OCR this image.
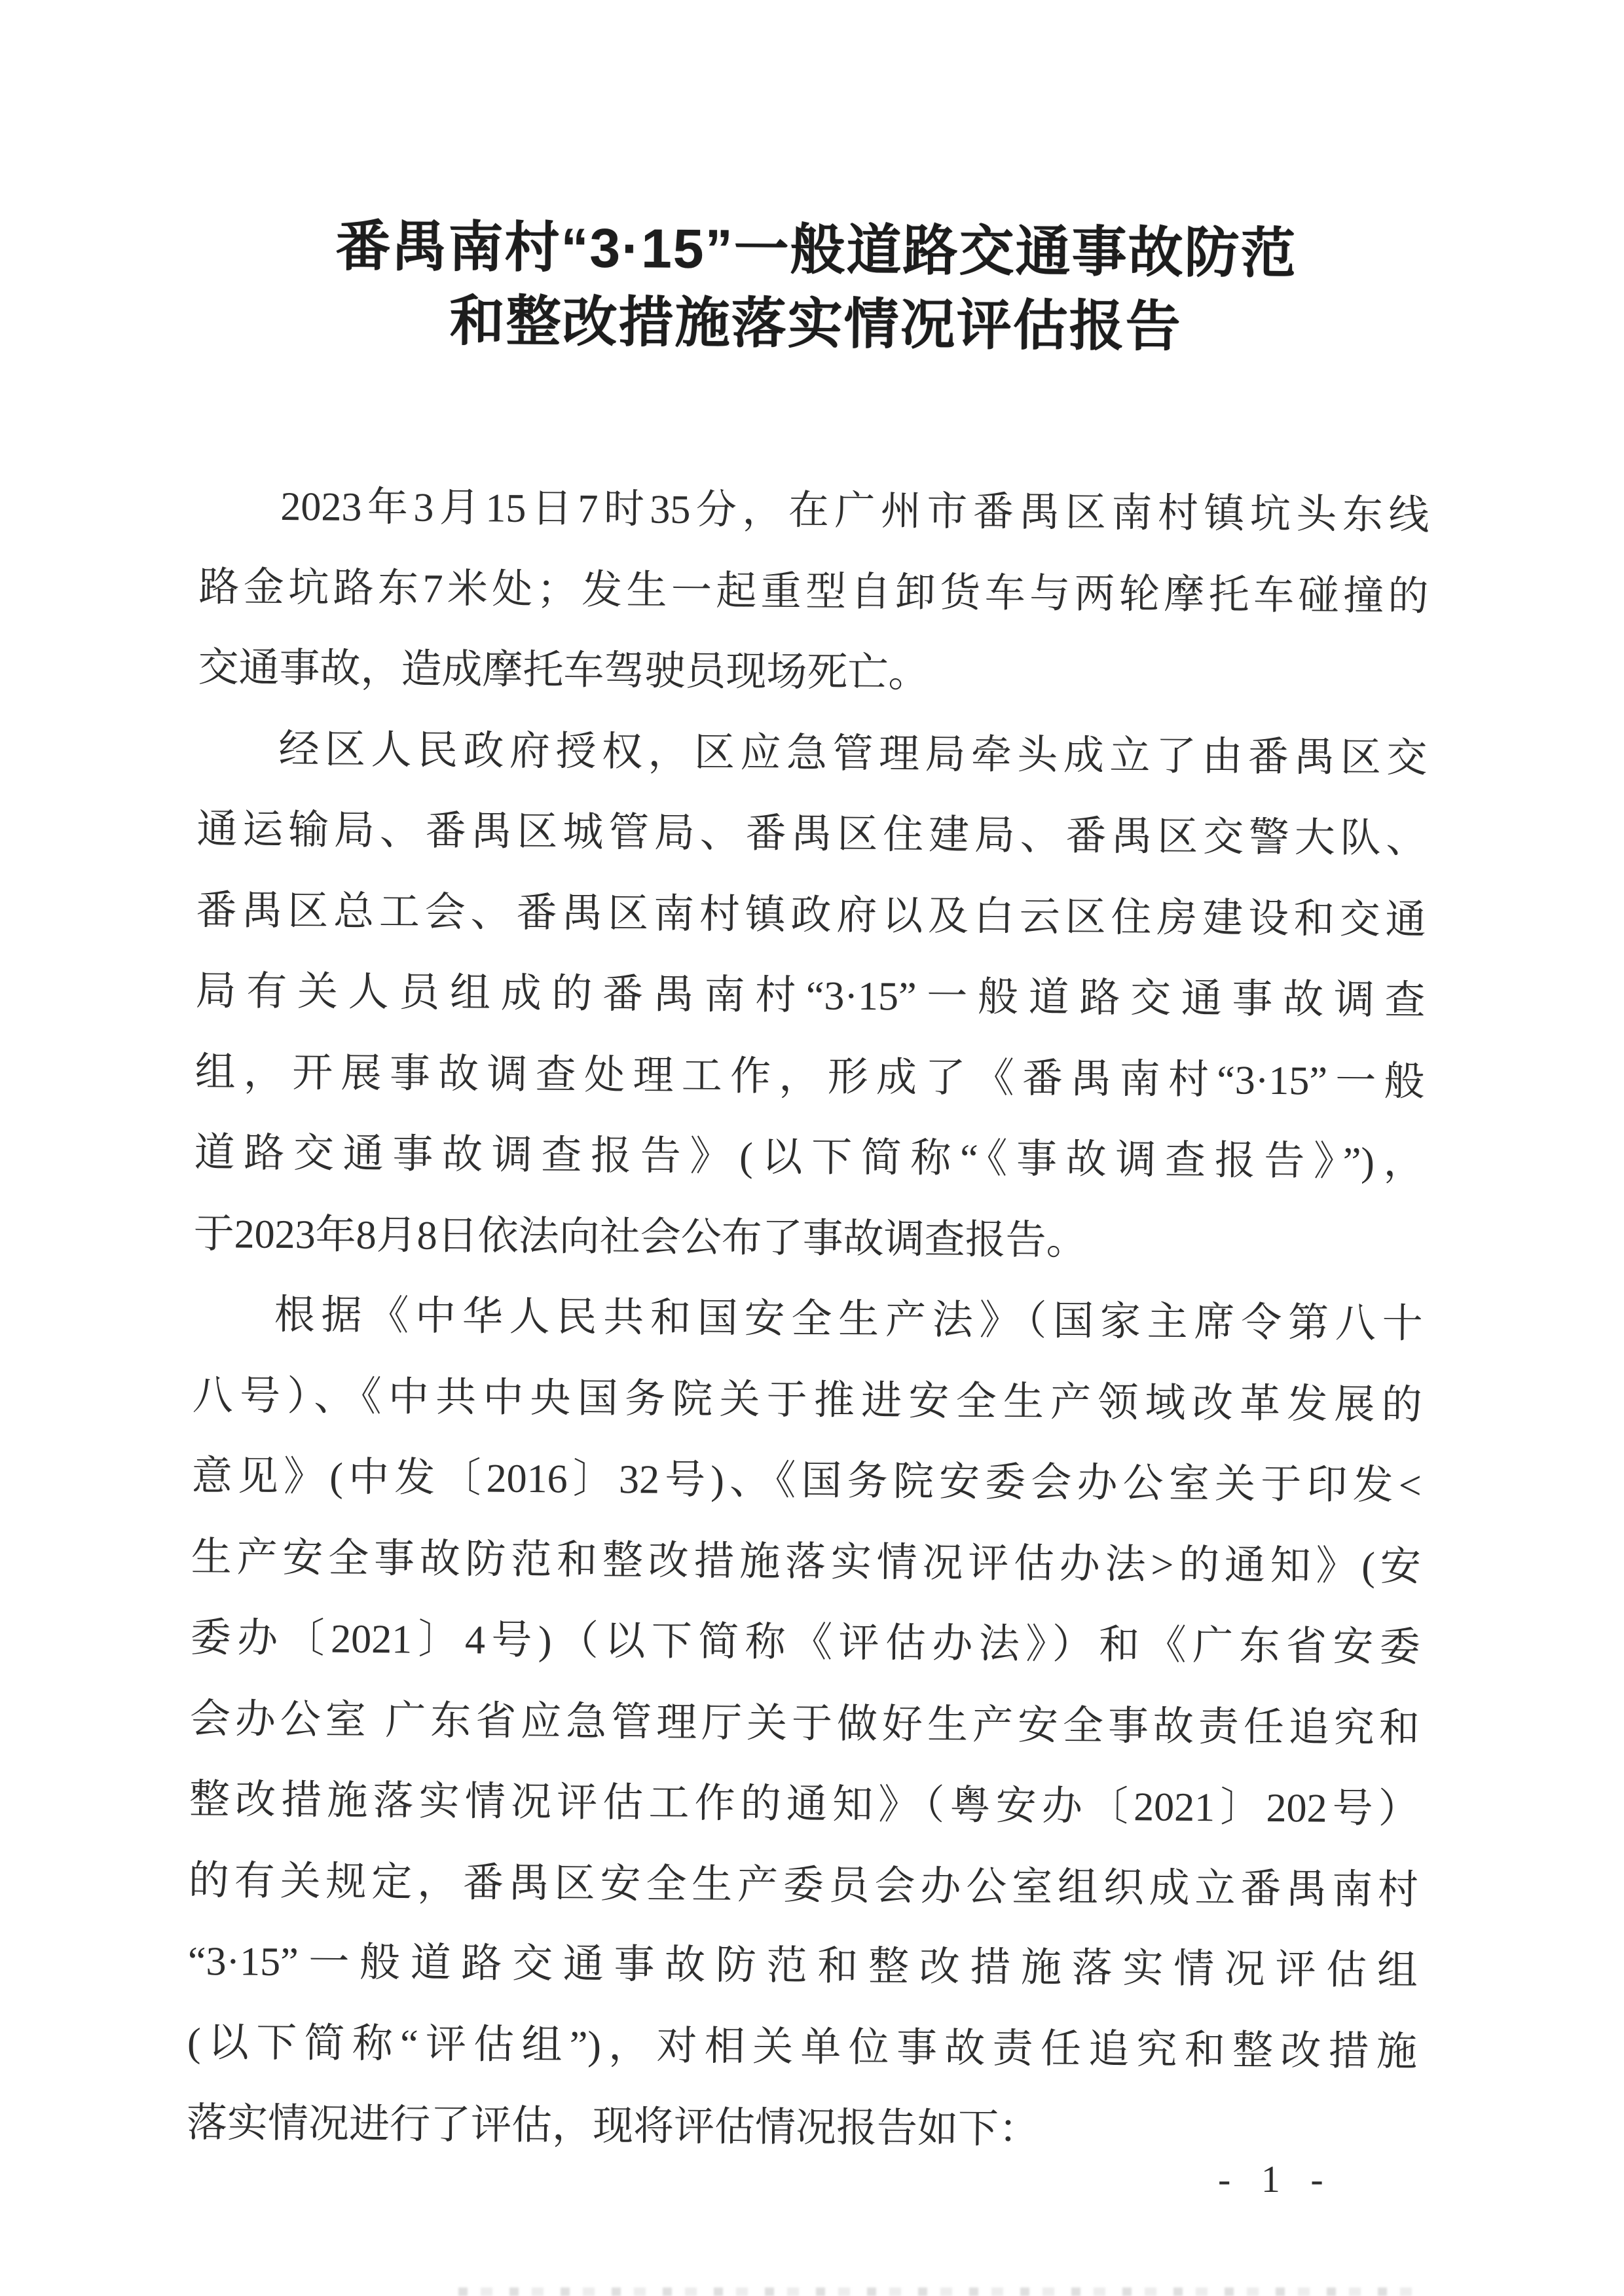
番禺南村“3·15”一般道路交通事故防范
和整改措施落实情况评估报告
2023年3月15日7时35分，在广州市番禺区南村镇坑头东线
路金坑路东7米处；发生一起重型自卸货车与两轮摩托车碰撞的
交通事故，造成摩托车驾驶员现场死亡。
经区人民政府授权，区应急管理局牵头成立了由番禺区交
通运输局、番禺区城管局、番禺区住建局、番禺区交警大队、
番禺区总工会、番禺区南村镇政府以及白云区住房建设和交通
局有关人员组成的番禺南村“3·15”一般道路交通事故调查
组，开展事故调查处理工作，形成了《番禺南村“3·15”一般
道路交通事故调查报告》(以下简称“《事故调查报告》”)，
于2023年8月8日依法向社会公布了事故调查报告。
根据《中华人民共和国安全生产法》（国家主席令第八十
八号）、《中共中央国务院关于推进安全生产领域改革发展的
意见》(中发〔2016〕32号)、《国务院安委会办公室关于印发<
生产安全事故防范和整改措施落实情况评估办法>的通知》(安
委办〔2021〕4号)（以下简称《评估办法》）和《广东省安委
会办公室 广东省应急管理厅关于做好生产安全事故责任追究和
整改措施落实情况评估工作的通知》（粤安办〔2021〕202号）
的有关规定，番禺区安全生产委员会办公室组织成立番禺南村
“3·15”一般道路交通事故防范和整改措施落实情况评估组
(以下简称“评估组”)，对相关单位事故责任追究和整改措施
落实情况进行了评估，现将评估情况报告如下：
- 1 -
